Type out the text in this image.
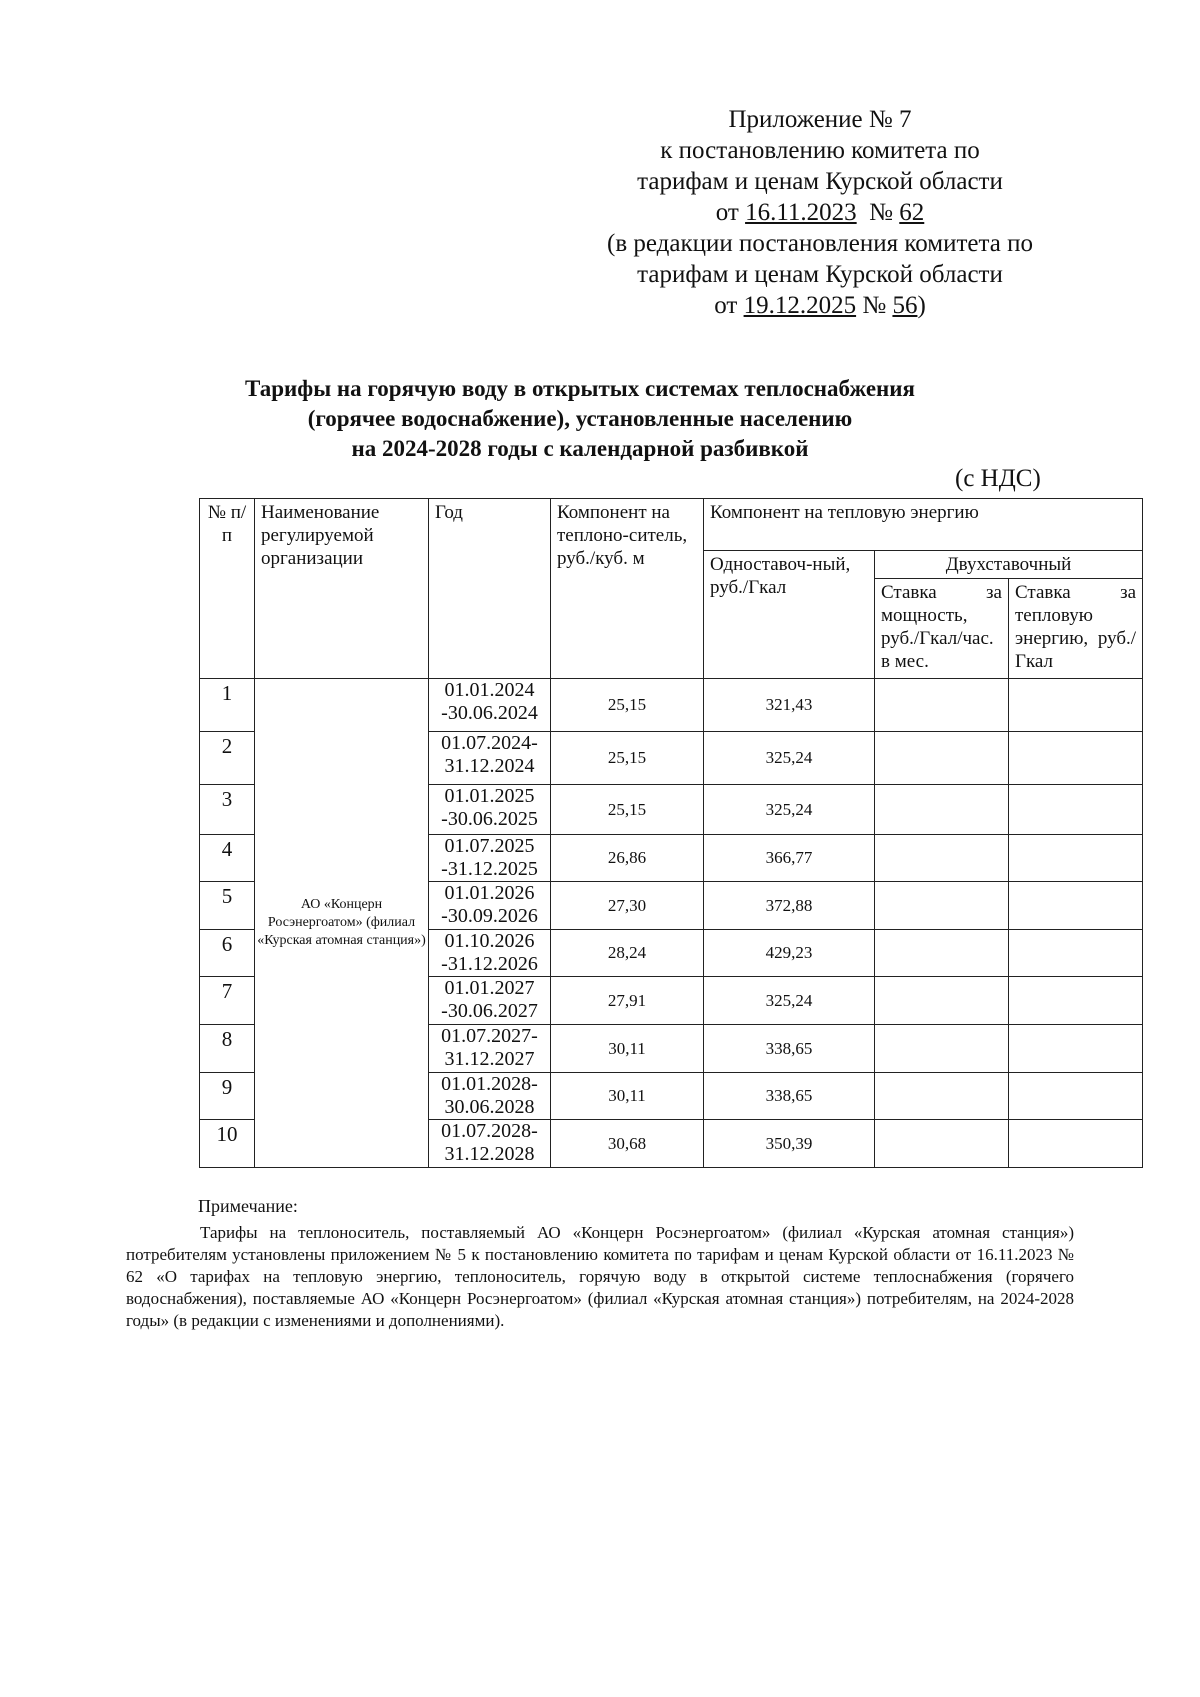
Приложение № 7
к постановлению комитета по
тарифам и ценам Курской области
от 16.11.2023 № 62
(в редакции постановления комитета по
тарифам и ценам Курской области
от 19.12.2025 № 56)
Тарифы на горячую воду в открытых системах теплоснабжения
(горячее водоснабжение), установленные населению
на 2024-2028 годы с календарной разбивкой
(с НДС)
№ п/п	Наименование регулируемой организации	Год	Компонент на теплоно-ситель, руб./куб. м	Компонент на тепловую энергию		
				Одноставоч-ный, руб./Гкал	Двухставочный	
					Ставка за мощность, руб./Гкал/час. в мес.	Ставка за тепловую энергию, руб./Гкал
1	АО «Концерн Росэнергоатом» (филиал «Курская атомная станция»)	01.01.2024
-30.06.2024	25,15	321,43		
2		01.07.2024-
31.12.2024	25,15	325,24		
3		01.01.2025
-30.06.2025	25,15	325,24		
4		01.07.2025
-31.12.2025	26,86	366,77		
5		01.01.2026
-30.09.2026	27,30	372,88		
6		01.10.2026
-31.12.2026	28,24	429,23		
7		01.01.2027
-30.06.2027	27,91	325,24		
8		01.07.2027-
31.12.2027	30,11	338,65		
9		01.01.2028-
30.06.2028	30,11	338,65		
10		01.07.2028-
31.12.2028	30,68	350,39		
Примечание:
Тарифы на теплоноситель, поставляемый АО «Концерн Росэнергоатом» (филиал «Курская атомная станция») потребителям установлены приложением № 5 к постановлению комитета по тарифам и ценам Курской области от 16.11.2023 № 62 «О тарифах на тепловую энергию, теплоноситель, горячую воду в открытой системе теплоснабжения (горячего водоснабжения), поставляемые АО «Концерн Росэнергоатом» (филиал «Курская атомная станция») потребителям, на 2024-2028 годы» (в редакции с изменениями и дополнениями).
